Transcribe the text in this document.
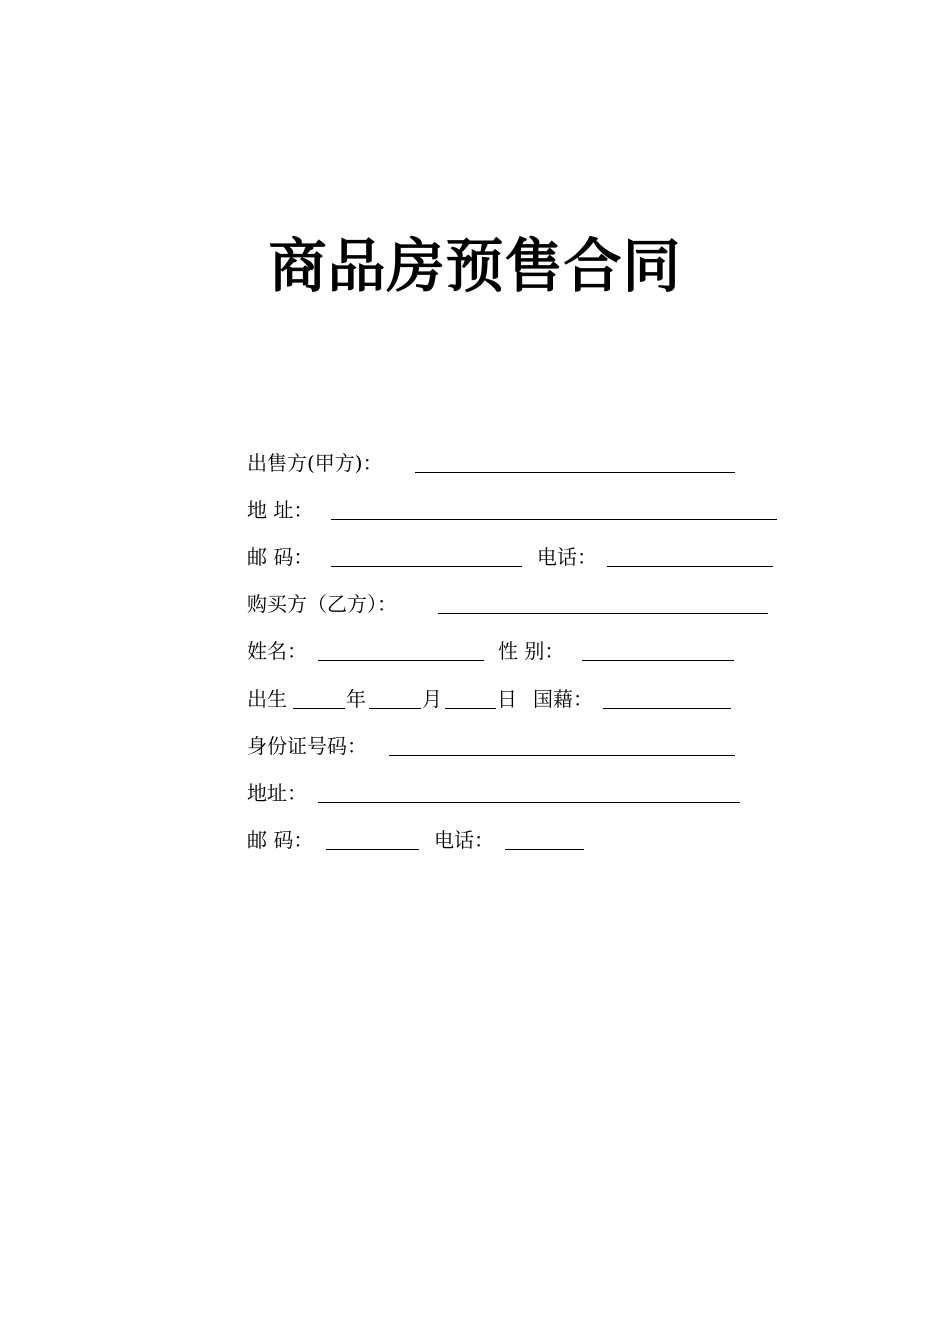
商品房预售合同
出售方(甲方)：
地 址：
邮 码：	电话：
购买方（乙方）：
姓名：	性 别：
出生	年	月	日 国藉：
身份证号码：
地址：
邮 码：	电话：
